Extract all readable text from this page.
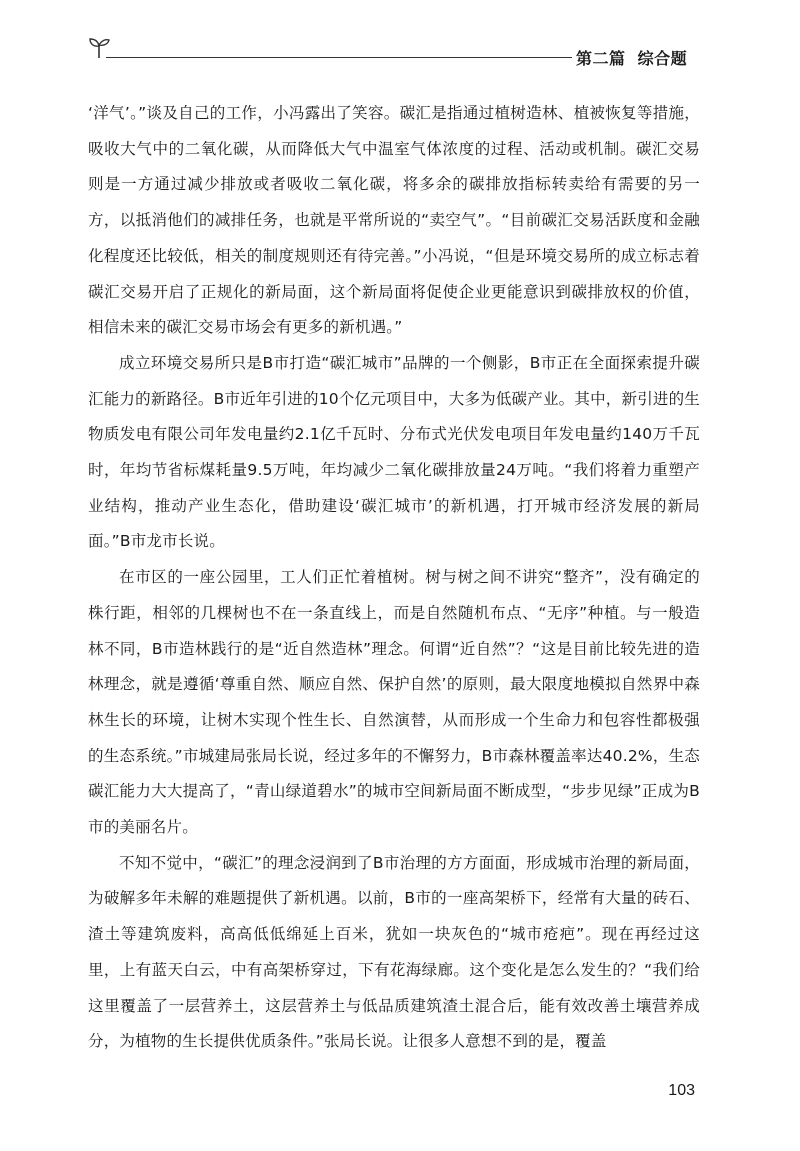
第二篇  综合题

‘洋气’。”谈及自己的工作，小冯露出了笑容。碳汇是指通过植树造林、植被恢复等措施，吸收大气中的二氧化碳，从而降低大气中温室气体浓度的过程、活动或机制。碳汇交易则是一方通过减少排放或者吸收二氧化碳，将多余的碳排放指标转卖给有需要的另一方，以抵消他们的减排任务，也就是平常所说的“卖空气”。“目前碳汇交易活跃度和金融化程度还比较低，相关的制度规则还有待完善。”小冯说，“但是环境交易所的成立标志着碳汇交易开启了正规化的新局面，这个新局面将促使企业更能意识到碳排放权的价值，相信未来的碳汇交易市场会有更多的新机遇。”

成立环境交易所只是B市打造“碳汇城市”品牌的一个侧影，B市正在全面探索提升碳汇能力的新路径。B市近年引进的10个亿元项目中，大多为低碳产业。其中，新引进的生物质发电有限公司年发电量约2.1亿千瓦时、分布式光伏发电项目年发电量约140万千瓦时，年均节省标煤耗量9.5万吨，年均减少二氧化碳排放量24万吨。“我们将着力重塑产业结构，推动产业生态化，借助建设‘碳汇城市’的新机遇，打开城市经济发展的新局面。”B市龙市长说。

在市区的一座公园里，工人们正忙着植树。树与树之间不讲究“整齐”，没有确定的株行距，相邻的几棵树也不在一条直线上，而是自然随机布点、“无序”种植。与一般造林不同，B市造林践行的是“近自然造林”理念。何谓“近自然”？“这是目前比较先进的造林理念，就是遵循‘尊重自然、顺应自然、保护自然’的原则，最大限度地模拟自然界中森林生长的环境，让树木实现个性生长、自然演替，从而形成一个生命力和包容性都极强的生态系统。”市城建局张局长说，经过多年的不懈努力，B市森林覆盖率达40.2%，生态碳汇能力大大提高了，“青山绿道碧水”的城市空间新局面不断成型，“步步见绿”正成为B市的美丽名片。

不知不觉中，“碳汇”的理念浸润到了B市治理的方方面面，形成城市治理的新局面，为破解多年未解的难题提供了新机遇。以前，B市的一座高架桥下，经常有大量的砖石、渣土等建筑废料，高高低低绵延上百米，犹如一块灰色的“城市疮疤”。现在再经过这里，上有蓝天白云，中有高架桥穿过，下有花海绿廊。这个变化是怎么发生的？“我们给这里覆盖了一层营养土，这层营养土与低品质建筑渣土混合后，能有效改善土壤营养成分，为植物的生长提供优质条件。”张局长说。让很多人意想不到的是，覆盖

103
